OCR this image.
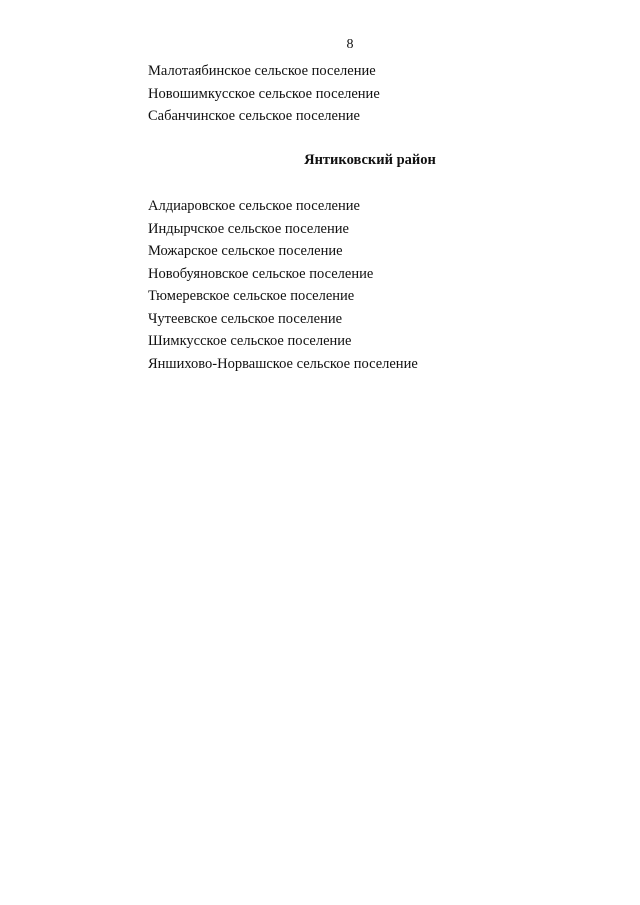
8
Малотаябинское сельское поселение
Новошимкусское сельское поселение
Сабанчинское сельское поселение
Янтиковский район
Алдиаровское сельское поселение
Индырчское сельское поселение
Можарское сельское поселение
Новобуяновское сельское поселение
Тюмеревское сельское поселение
Чутеевское сельское поселение
Шимкусское сельское поселение
Яншихово-Норвашское сельское поселение
